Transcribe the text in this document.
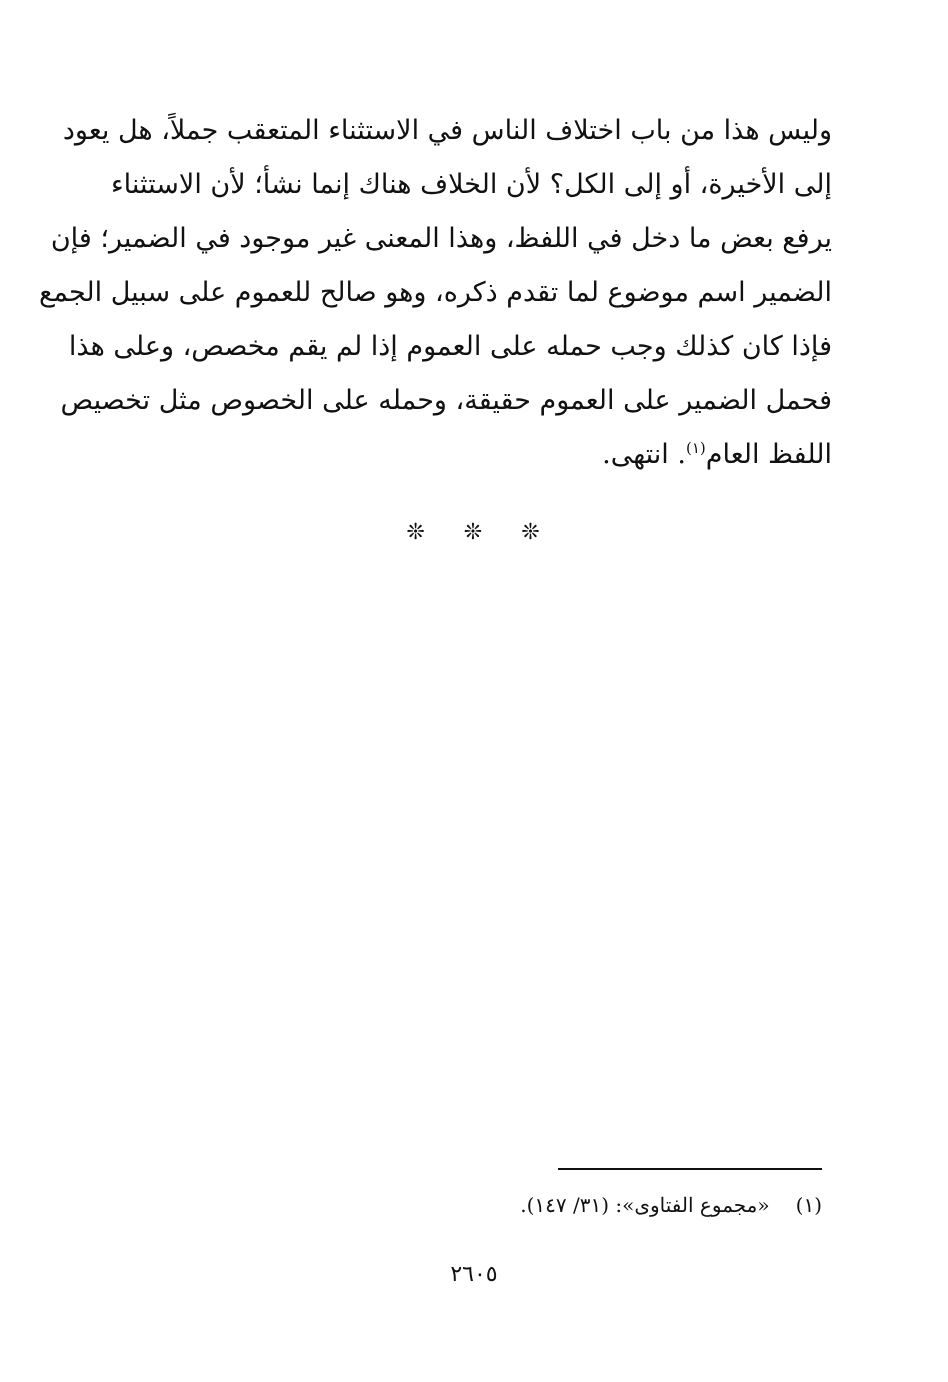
وليس هذا من باب اختلاف الناس في الاستثناء المتعقب جملاً، هل يعود
إلى الأخيرة، أو إلى الكل؟ لأن الخلاف هناك إنما نشأ؛ لأن الاستثناء
يرفع بعض ما دخل في اللفظ، وهذا المعنى غير موجود في الضمير؛ فإن
الضمير اسم موضوع لما تقدم ذكره، وهو صالح للعموم على سبيل الجمع
فإذا كان كذلك وجب حمله على العموم إذا لم يقم مخصص، وعلى هذا
فحمل الضمير على العموم حقيقة، وحمله على الخصوص مثل تخصيص
اللفظ العام$^{(١)}$. انتهى.
❊ ❊ ❊
(١)«مجموع الفتاوى»: (٣١/ ١٤٧).
٢٦٠٥
